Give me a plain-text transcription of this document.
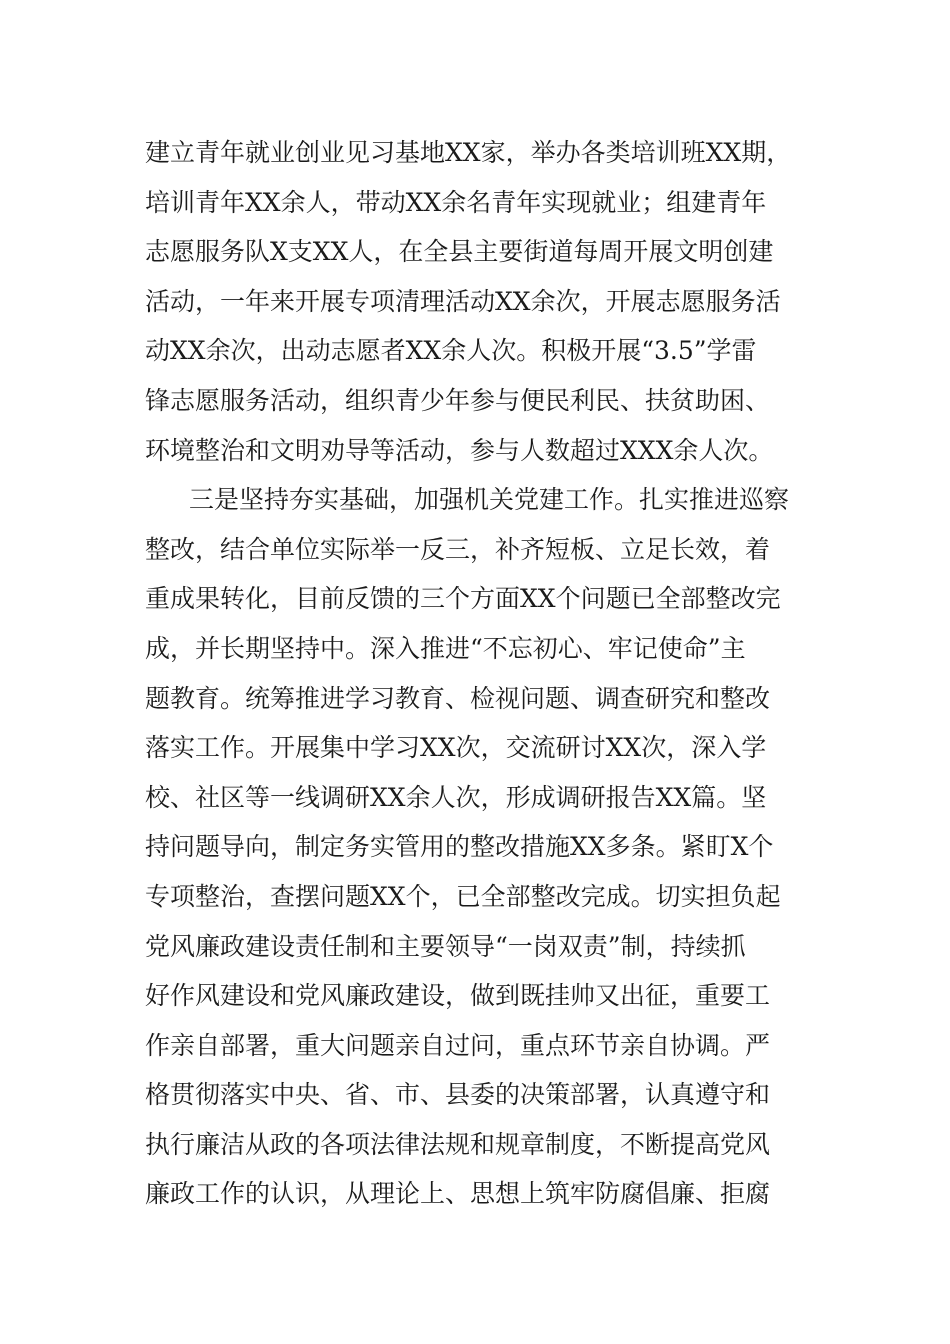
建立青年就业创业见习基地XX家，举办各类培训班XX期，
培训青年XX余人，带动XX余名青年实现就业；组建青年
志愿服务队X支XX人，在全县主要街道每周开展文明创建
活动，一年来开展专项清理活动XX余次，开展志愿服务活
动XX余次，出动志愿者XX余人次。积极开展“3.5”学雷
锋志愿服务活动，组织青少年参与便民利民、扶贫助困、
环境整治和文明劝导等活动，参与人数超过XXX余人次。
三是坚持夯实基础，加强机关党建工作。扎实推进巡察
整改，结合单位实际举一反三，补齐短板、立足长效，着
重成果转化，目前反馈的三个方面XX个问题已全部整改完
成，并长期坚持中。深入推进“不忘初心、牢记使命”主
题教育。统筹推进学习教育、检视问题、调查研究和整改
落实工作。开展集中学习XX次，交流研讨XX次，深入学
校、社区等一线调研XX余人次，形成调研报告XX篇。坚
持问题导向，制定务实管用的整改措施XX多条。紧盯X个
专项整治，查摆问题XX个，已全部整改完成。切实担负起
党风廉政建设责任制和主要领导“一岗双责”制，持续抓
好作风建设和党风廉政建设，做到既挂帅又出征，重要工
作亲自部署，重大问题亲自过问，重点环节亲自协调。严
格贯彻落实中央、省、市、县委的决策部署，认真遵守和
执行廉洁从政的各项法律法规和规章制度，不断提高党风
廉政工作的认识，从理论上、思想上筑牢防腐倡廉、拒腐
